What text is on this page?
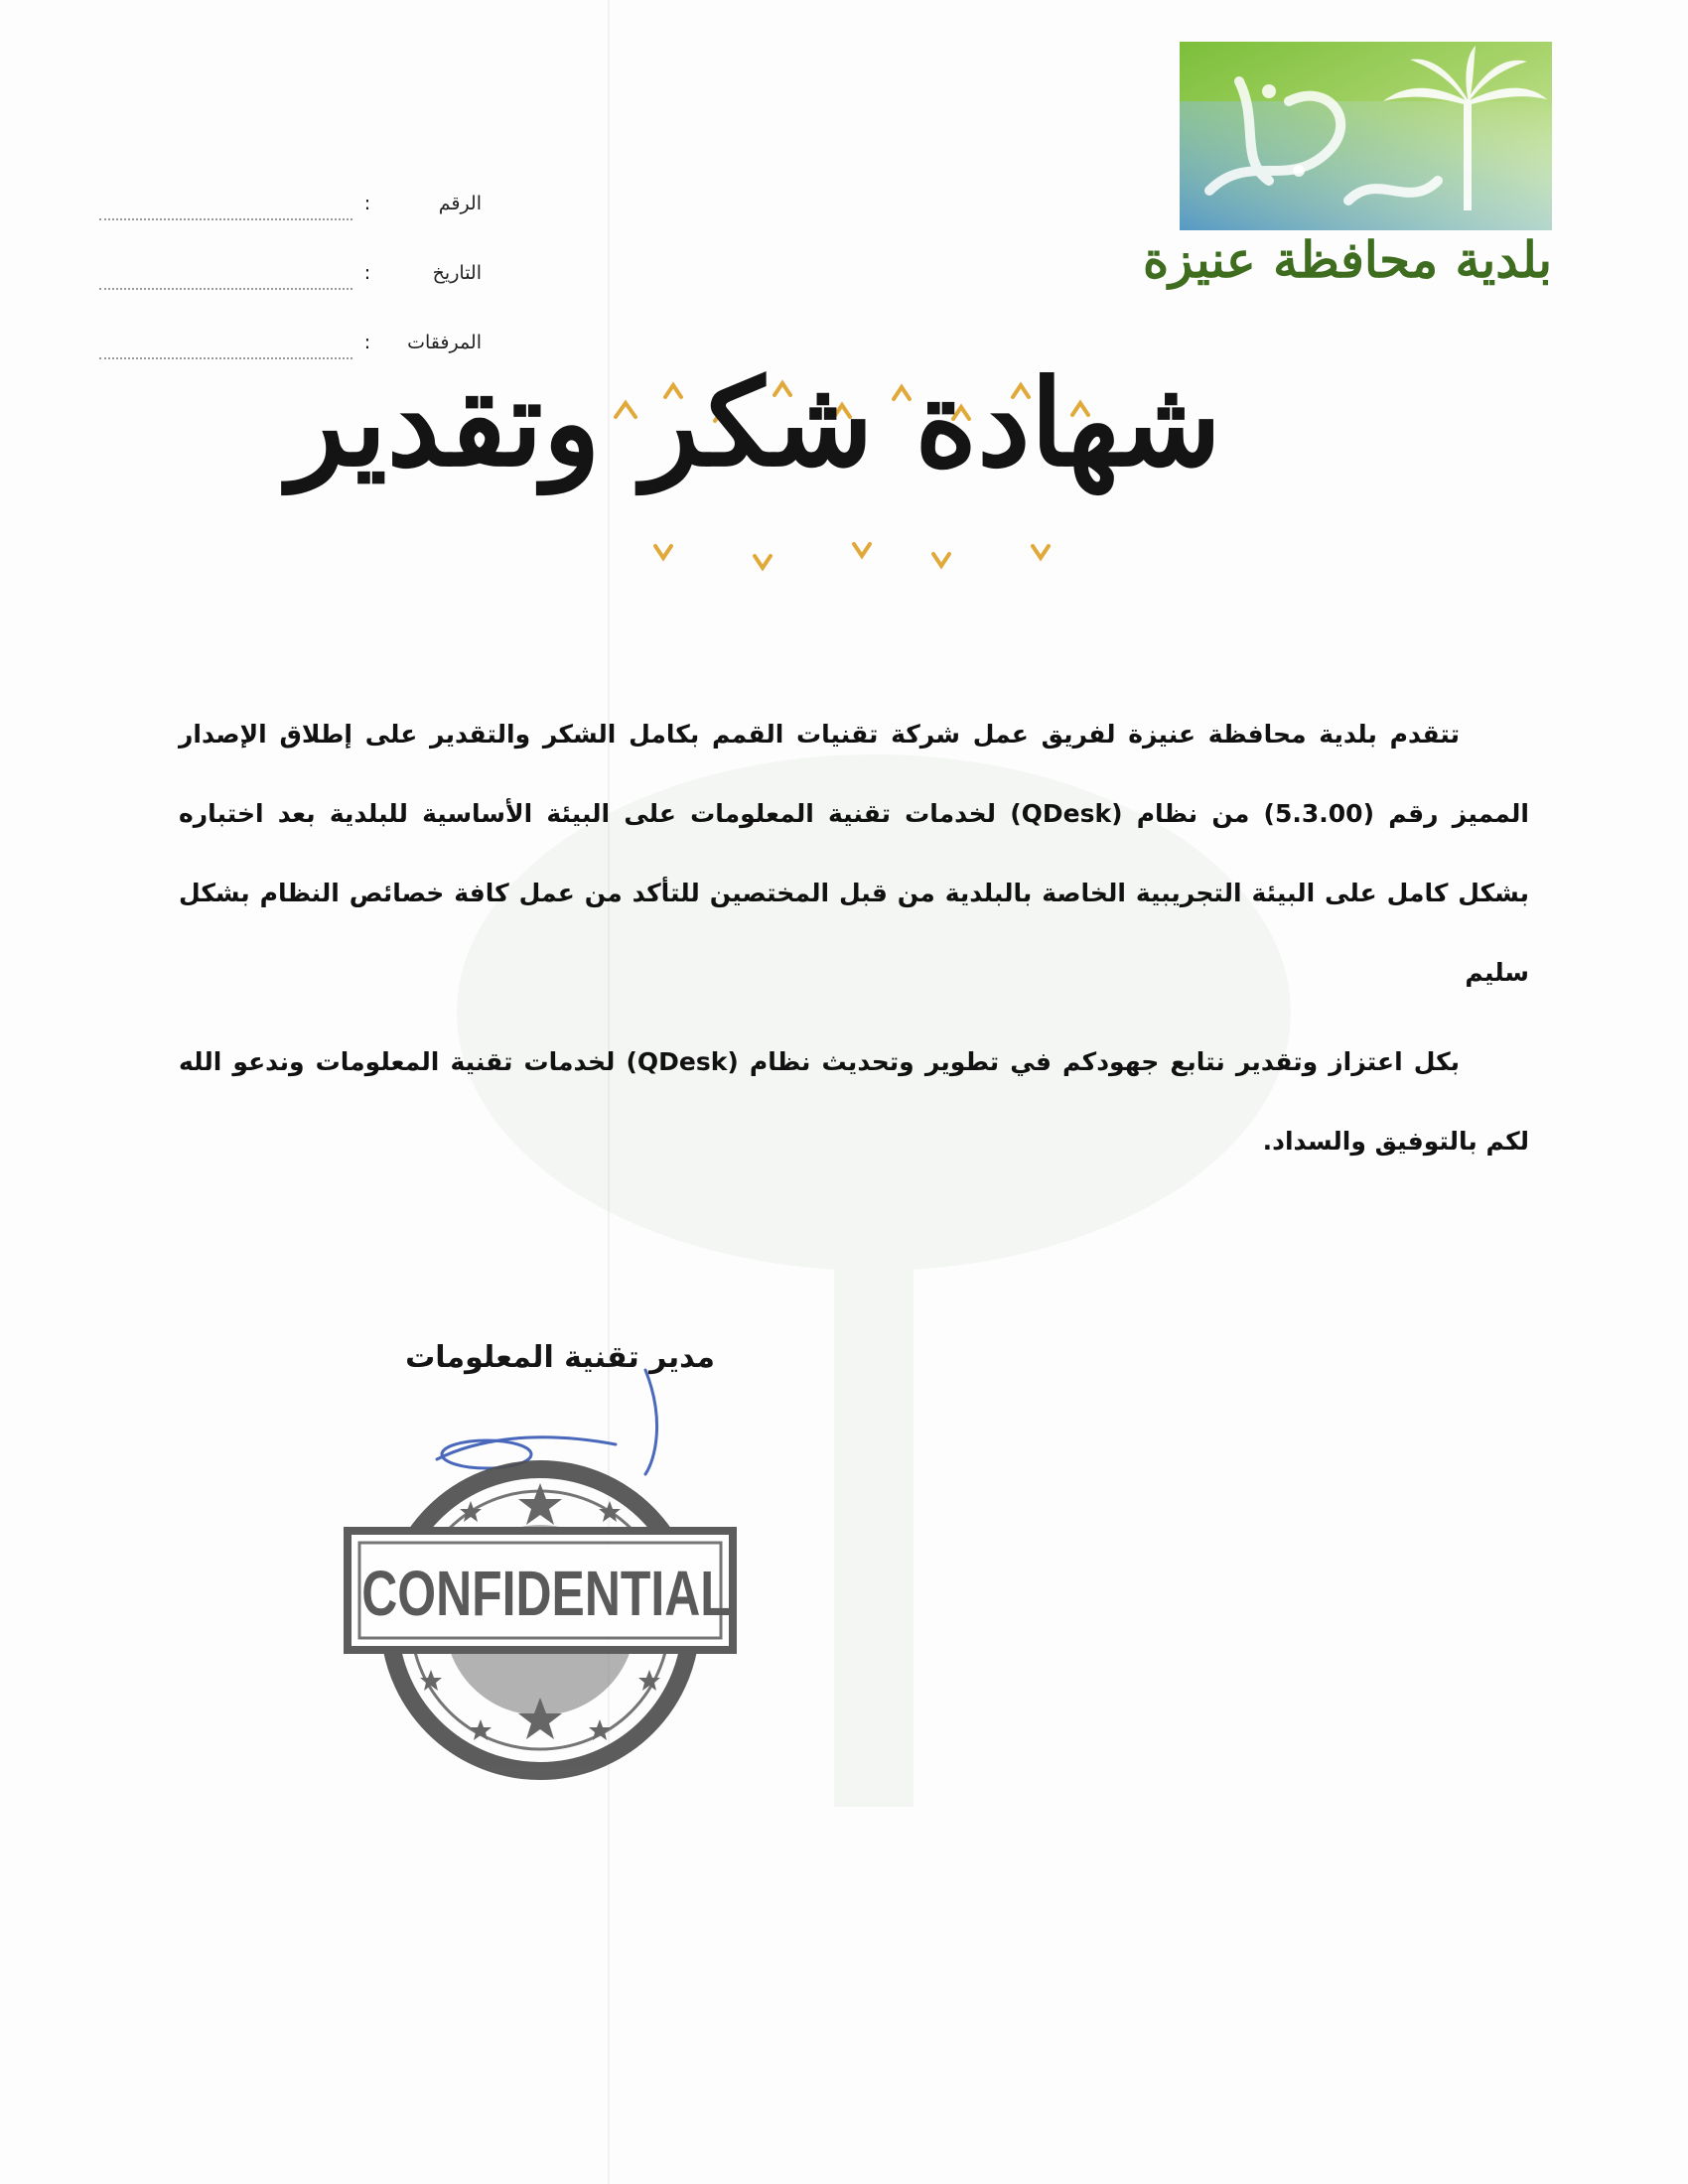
بلدية محافظة عنيزة
الرقم
:
التاريخ
:
المرفقات
:
شهادة شكر وتقدير

تتقدم بلدية محافظة عنيزة لفريق عمل شركة تقنيات القمم بكامل الشكر والتقدير على إطلاق الإصدار المميز رقم (5.3.00) من نظام (QDesk) لخدمات تقنية المعلومات على البيئة الأساسية للبلدية بعد اختباره بشكل كامل على البيئة التجريبية الخاصة بالبلدية من قبل المختصين للتأكد من عمل كافة خصائص النظام بشكل سليم

بكل اعتزاز وتقدير نتابع جهودكم في تطوير وتحديث نظام (QDesk) لخدمات تقنية المعلومات وندعو الله لكم بالتوفيق والسداد.

مدير تقنية المعلومات
CONFIDENTIAL
